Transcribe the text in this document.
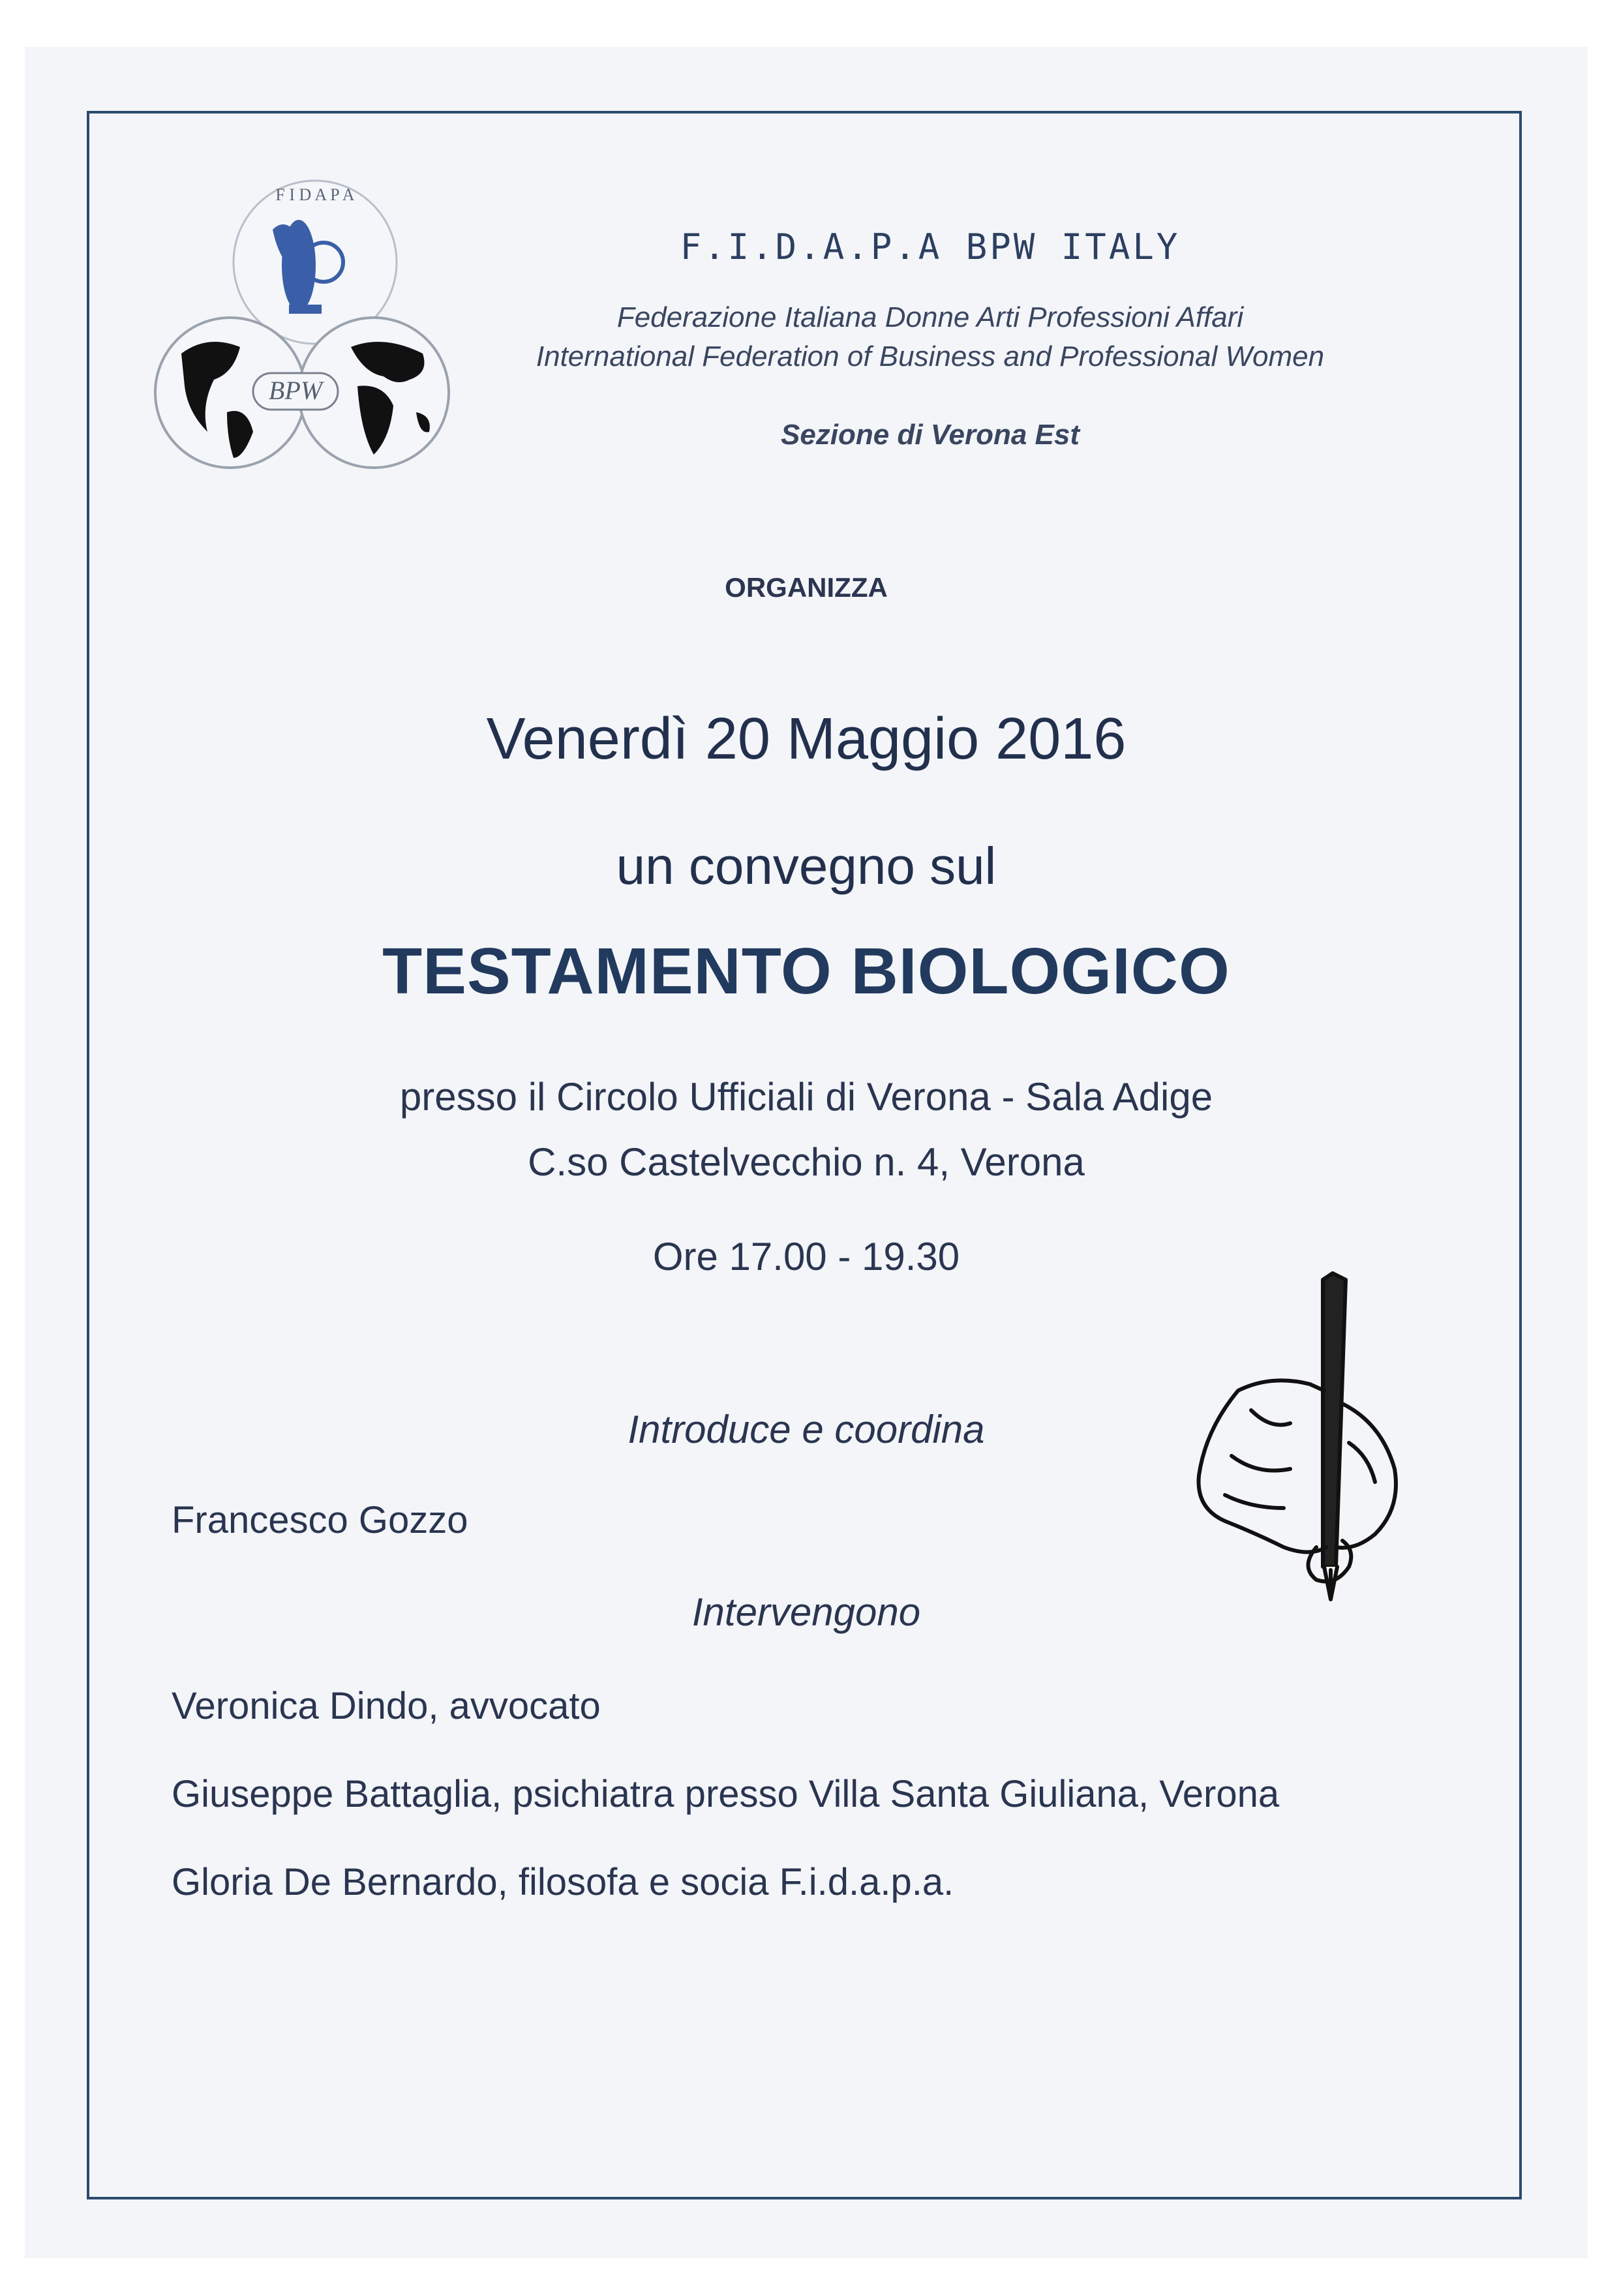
F I D A P A
BPW
F.I.D.A.P.A BPW ITALY
Federazione Italiana Donne Arti Professioni Affari
International Federation of Business and Professional Women
Sezione di Verona Est
ORGANIZZA
Venerdì 20 Maggio 2016
un convegno sul
TESTAMENTO BIOLOGICO
presso il Circolo Ufficiali di Verona - Sala Adige
C.so Castelvecchio n. 4, Verona
Ore 17.00 - 19.30
Introduce e coordina
Francesco Gozzo
Intervengono
Veronica Dindo, avvocato
Giuseppe Battaglia, psichiatra presso Villa Santa Giuliana, Verona
Gloria De Bernardo, filosofa e socia F.i.d.a.p.a.
